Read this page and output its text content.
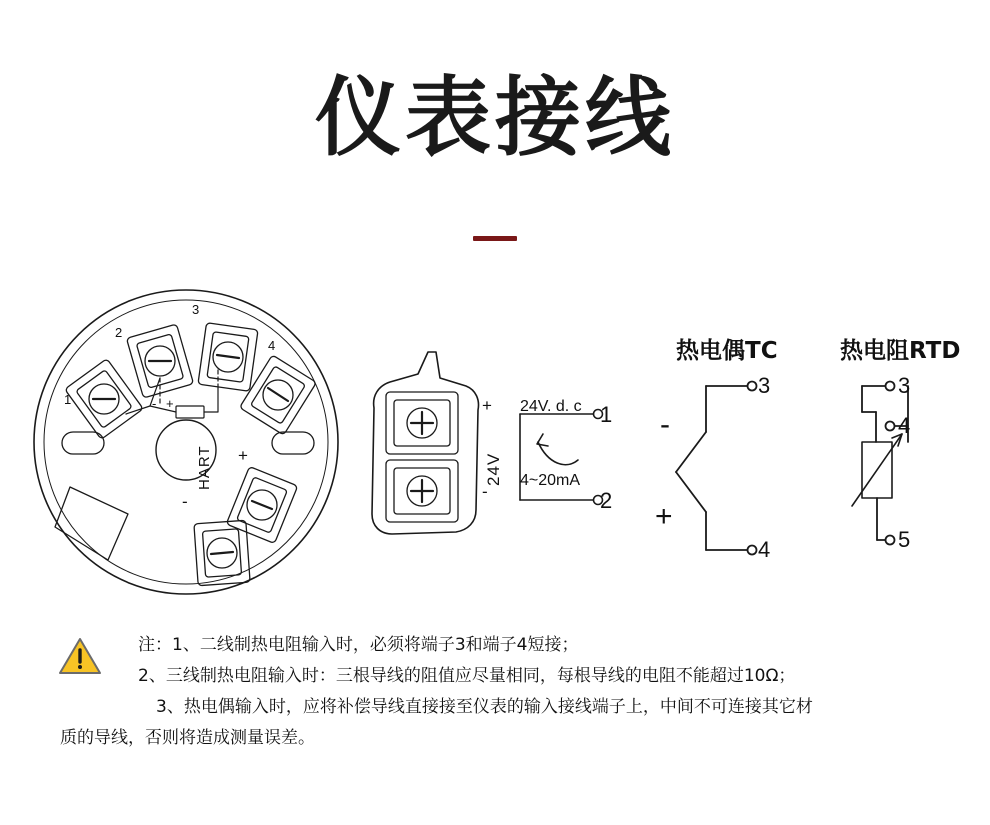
仪表接线
热电偶TC	热电阻RTD
1
2
3
4
HART +
-
+
-
24V
+
-
24V. d. c
4~20mA
1
2
3
4
-
+
3
4
5
注：1、二线制热电阻输入时，必须将端子3和端子4短接；
2、三线制热电阻输入时：三根导线的阻值应尽量相同，每根导线的电阻不能超过10Ω；
3、热电偶输入时，应将补偿导线直接接至仪表的输入接线端子上，中间不可连接其它材
质的导线，否则将造成测量误差。
